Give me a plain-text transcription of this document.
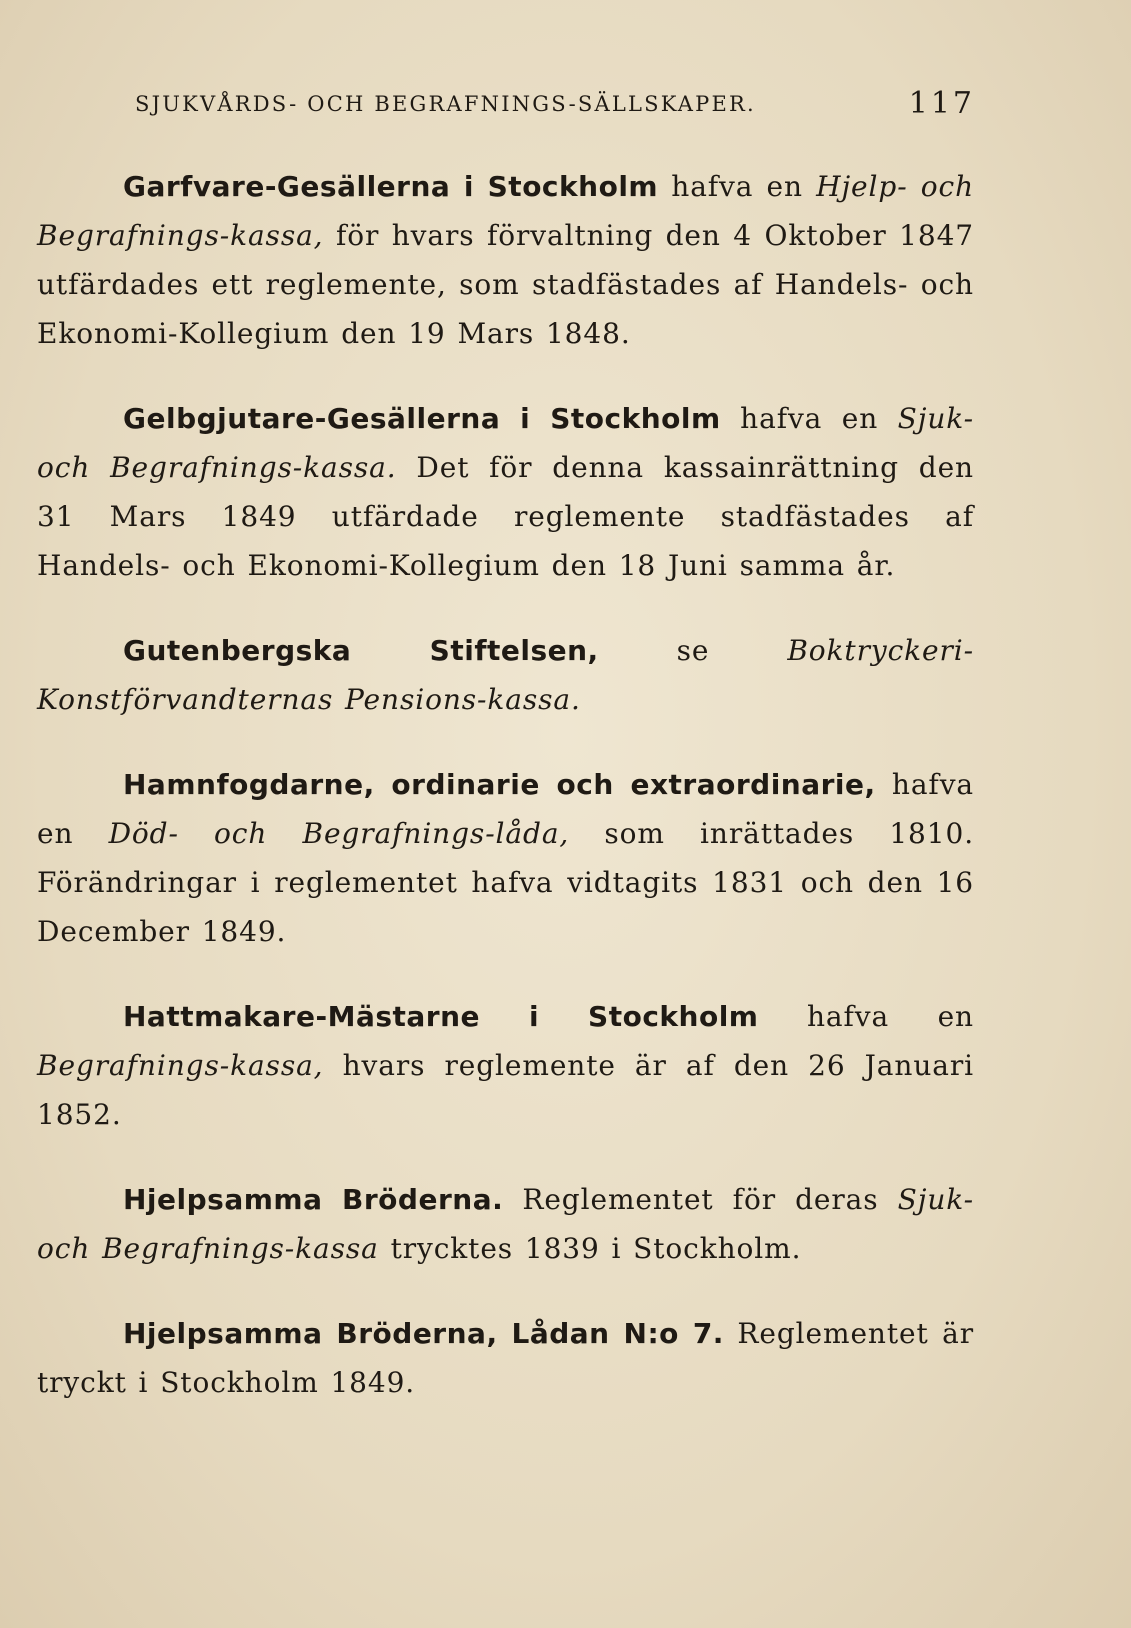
SJUKVÅRDS- OCH BEGRAFNINGS-SÄLLSKAPER.	117

Garfvare-Gesällerna i Stockholm hafva en Hjelp- och Begrafnings-kassa, för hvars förvaltning den 4 Oktober 1847 utfärdades ett reglemente, som stadfästades af Handels- och Ekonomi-Kollegium den 19 Mars 1848.

Gelbgjutare-Gesällerna i Stockholm hafva en Sjuk- och Begrafnings-kassa. Det för denna kassainrättning den 31 Mars 1849 utfärdade reglemente stadfästades af Handels- och Ekonomi-Kollegium den 18 Juni samma år.

Gutenbergska Stiftelsen, se Boktryckeri-Konstförvandternas Pensions-kassa.

Hamnfogdarne, ordinarie och extraordinarie, hafva en Död- och Begrafnings-låda, som inrättades 1810. Förändringar i reglementet hafva vidtagits 1831 och den 16 December 1849.

Hattmakare-Mästarne i Stockholm hafva en Begrafnings-kassa, hvars reglemente är af den 26 Januari 1852.

Hjelpsamma Bröderna. Reglementet för deras Sjuk- och Begrafnings-kassa trycktes 1839 i Stockholm.

Hjelpsamma Bröderna, Lådan N:o 7. Reglementet är tryckt i Stockholm 1849.
